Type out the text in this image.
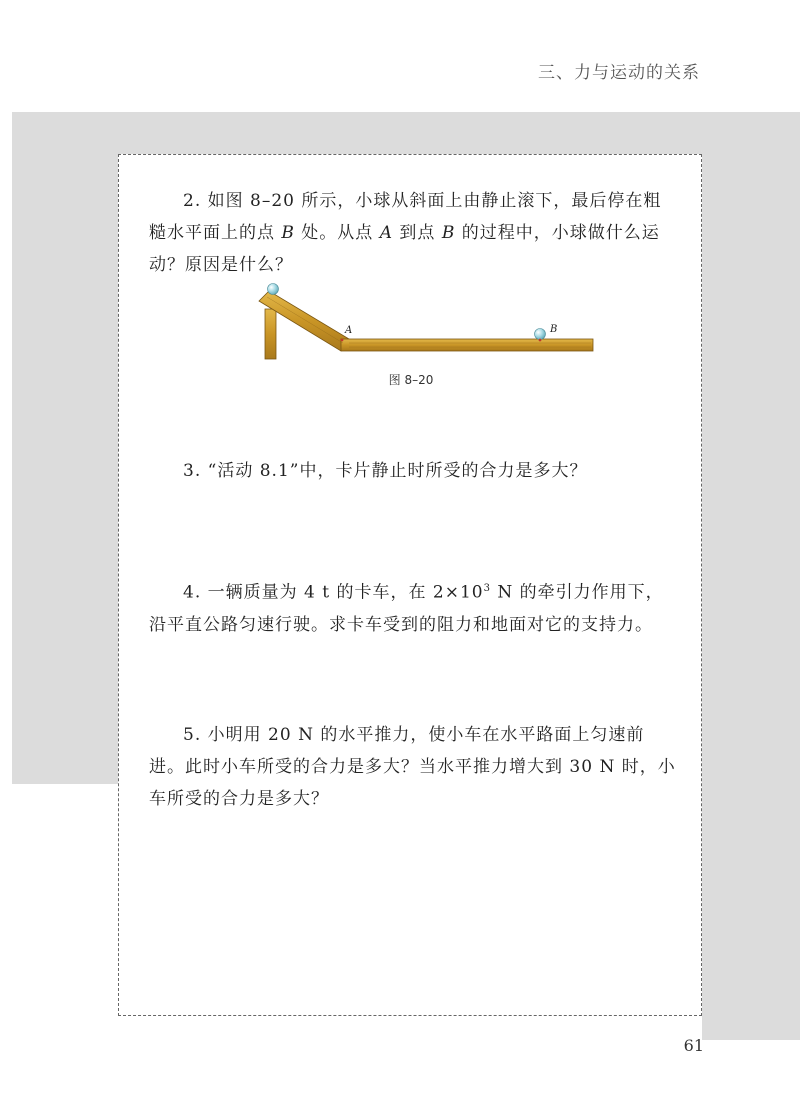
三、力与运动的关系
2. 如图 8–20 所示，小球从斜面上由静止滚下，最后停在粗糙水平面上的点 B 处。从点 A 到点 B 的过程中，小球做什么运动？原因是什么？
A	B
图 8–20
3. “活动 8.1”中，卡片静止时所受的合力是多大？
4. 一辆质量为 4 t 的卡车，在 $2\times 10^3$ N 的牵引力作用下，沿平直公路匀速行驶。求卡车受到的阻力和地面对它的支持力。
5. 小明用 20 N 的水平推力，使小车在水平路面上匀速前进。此时小车所受的合力是多大？当水平推力增大到 30 N 时，小车所受的合力是多大？
61
